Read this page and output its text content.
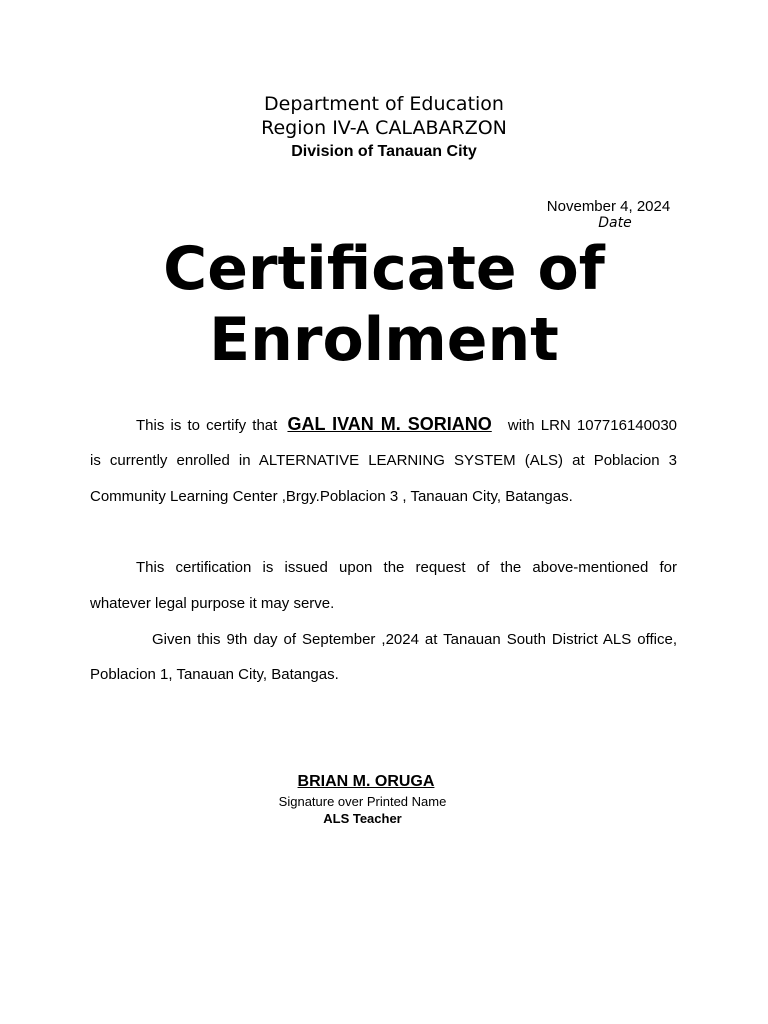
Department of Education
Region IV-A CALABARZON
Division of Tanauan City
November 4, 2024
Date
Certificate of
Enrolment
This is to certify that GAL IVAN M. SORIANO with LRN 107716140030
is currently enrolled in ALTERNATIVE LEARNING SYSTEM (ALS) at Poblacion 3
Community Learning Center ,Brgy.Poblacion 3 , Tanauan City, Batangas.
This certification is issued upon the request of the above-mentioned for
whatever legal purpose it may serve.
Given this 9th day of September ,2024 at Tanauan South District ALS office,
Poblacion 1, Tanauan City, Batangas.
BRIAN M. ORUGA
Signature over Printed Name
ALS Teacher
